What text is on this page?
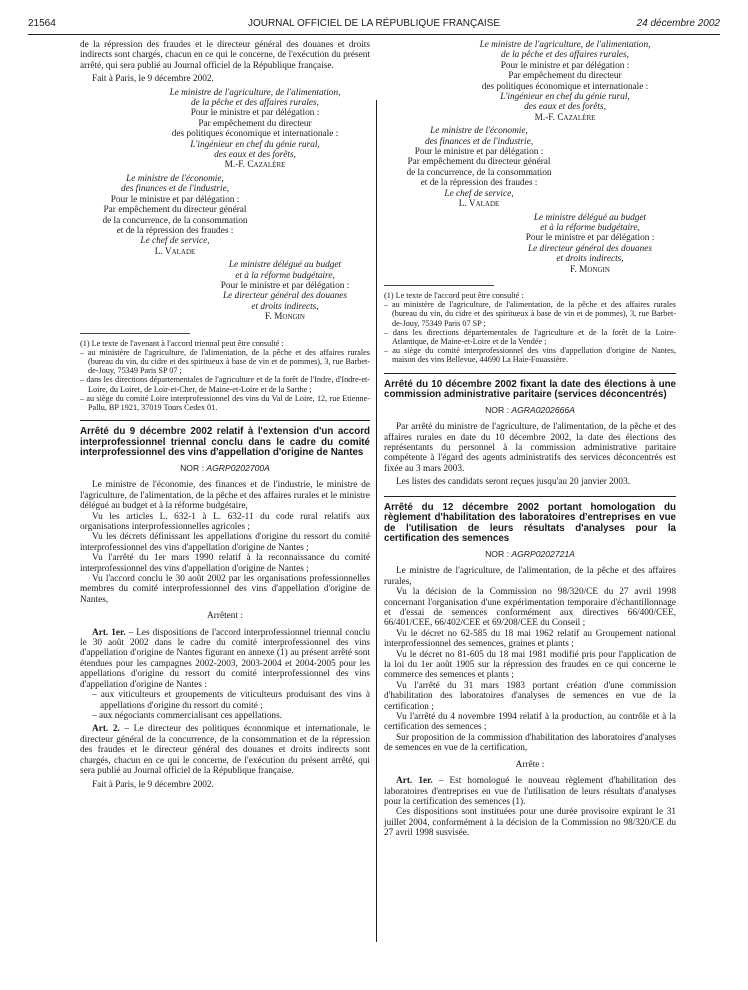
21564	JOURNAL OFFICIEL DE LA RÉPUBLIQUE FRANÇAISE	24 décembre 2002

de la répression des fraudes et le directeur général des douanes et droits indirects sont chargés, chacun en ce qui le concerne, de l'exécution du présent arrêté, qui sera publié au Journal officiel de la République française.

Fait à Paris, le 9 décembre 2002.

Le ministre de l'agriculture, de l'alimentation,
de la pêche et des affaires rurales,
Pour le ministre et par délégation :
Par empêchement du directeur
des politiques économique et internationale :
L'ingénieur en chef du génie rural,
des eaux et des forêts,
M.-F. Cazalère
Le ministre de l'économie,
des finances et de l'industrie,
Pour le ministre et par délégation :
Par empêchement du directeur général
de la concurrence, de la consommation
et de la répression des fraudes :
Le chef de service,
L. Valade
Le ministre délégué au budget
et à la réforme budgétaire,
Pour le ministre et par délégation :
Le directeur général des douanes
et droits indirects,
F. Mongin

(1) Le texte de l'avenant à l'accord triennal peut être consulté :

– au ministère de l'agriculture, de l'alimentation, de la pêche et des affaires rurales (bureau du vin, du cidre et des spiritueux à base de vin et de pommes), 3, rue Barbet-de-Jouy, 75349 Paris SP 07 ;

– dans les directions départementales de l'agriculture et de la forêt de l'Indre, d'Indre-et-Loire, du Loiret, de Loir-et-Cher, de Maine-et-Loire et de la Sarthe ;

– au siège du comité Loire interprofessionnel des vins du Val de Loire, 12, rue Etienne-Pallu, BP 1921, 37019 Tours Cedex 01.

Arrêté du 9 décembre 2002 relatif à l'extension d'un accord interprofessionnel triennal conclu dans le cadre du comité interprofessionnel des vins d'appellation d'origine de Nantes
NOR : AGRP0202700A

Le ministre de l'économie, des finances et de l'industrie, le ministre de l'agriculture, de l'alimentation, de la pêche et des affaires rurales et le ministre délégué au budget et à la réforme budgétaire,

Vu les articles L. 632-1 à L. 632-11 du code rural relatifs aux organisations interprofessionnelles agricoles ;

Vu les décrets définissant les appellations d'origine du ressort du comité interprofessionnel des vins d'appellation d'origine de Nantes ;

Vu l'arrêté du 1er mars 1990 relatif à la reconnaissance du comité interprofessionnel des vins d'appellation d'origine de Nantes ;

Vu l'accord conclu le 30 août 2002 par les organisations professionnelles membres du comité interprofessionnel des vins d'appellation d'origine de Nantes,

Arrêtent :

Art. 1er. – Les dispositions de l'accord interprofessionnel triennal conclu le 30 août 2002 dans le cadre du comité interprofessionnel des vins d'appellation d'origine de Nantes figurant en annexe (1) au présent arrêté sont étendues pour les campagnes 2002-2003, 2003-2004 et 2004-2005 pour les appellations d'origine du ressort du comité interprofessionnel des vins d'appellation d'origine de Nantes :

– aux viticulteurs et groupements de viticulteurs produisant des vins à appellations d'origine du ressort du comité ;

– aux négociants commercialisant ces appellations.

Art. 2. – Le directeur des politiques économique et internationale, le directeur général de la concurrence, de la consommation et de la répression des fraudes et le directeur général des douanes et droits indirects sont chargés, chacun en ce qui le concerne, de l'exécution du présent arrêté, qui sera publié au Journal officiel de la République française.

Fait à Paris, le 9 décembre 2002.

Le ministre de l'agriculture, de l'alimentation,
de la pêche et des affaires rurales,
Pour le ministre et par délégation :
Par empêchement du directeur
des politiques économique et internationale :
L'ingénieur en chef du génie rural,
des eaux et des forêts,
M.-F. Cazalère
Le ministre de l'économie,
des finances et de l'industrie,
Pour le ministre et par délégation :
Par empêchement du directeur général
de la concurrence, de la consommation
et de la répression des fraudes :
Le chef de service,
L. Valade
Le ministre délégué au budget
et à la réforme budgétaire,
Pour le ministre et par délégation :
Le directeur général des douanes
et droits indirects,
F. Mongin

(1) Le texte de l'accord peut être consulté :

– au ministère de l'agriculture, de l'alimentation, de la pêche et des affaires rurales (bureau du vin, du cidre et des spiritueux à base de vin et de pommes), 3, rue Barbet-de-Jouy, 75349 Paris 07 SP ;

– dans les directions départementales de l'agriculture et de la forêt de la Loire-Atlantique, de Maine-et-Loire et de la Vendée ;

– au siège du comité interprofessionnel des vins d'appellation d'origine de Nantes, maison des vins Bellevue, 44690 La Haie-Fouassière.

Arrêté du 10 décembre 2002 fixant la date des élections à une commission administrative paritaire (services déconcentrés)
NOR : AGRA0202666A

Par arrêté du ministre de l'agriculture, de l'alimentation, de la pêche et des affaires rurales en date du 10 décembre 2002, la date des élections des représentants du personnel à la commission administrative paritaire compétente à l'égard des agents administratifs des services déconcentrés est fixée au 3 mars 2003.

Les listes des candidats seront reçues jusqu'au 20 janvier 2003.

Arrêté du 12 décembre 2002 portant homologation du règlement d'habilitation des laboratoires d'entreprises en vue de l'utilisation de leurs résultats d'analyses pour la certification des semences
NOR : AGRP0202721A

Le ministre de l'agriculture, de l'alimentation, de la pêche et des affaires rurales,

Vu la décision de la Commission no 98/320/CE du 27 avril 1998 concernant l'organisation d'une expérimentation temporaire d'échantillonnage et d'essai de semences conformément aux directives 66/400/CEE, 66/401/CEE, 66/402/CEE et 69/208/CEE du Conseil ;

Vu le décret no 62-585 du 18 mai 1962 relatif au Groupement national interprofessionnel des semences, graines et plants ;

Vu le décret no 81-605 du 18 mai 1981 modifié pris pour l'application de la loi du 1er août 1905 sur la répression des fraudes en ce qui concerne le commerce des semences et plants ;

Vu l'arrêté du 31 mars 1983 portant création d'une commission d'habilitation des laboratoires d'analyses de semences en vue de la certification ;

Vu l'arrêté du 4 novembre 1994 relatif à la production, au contrôle et à la certification des semences ;

Sur proposition de la commission d'habilitation des laboratoires d'analyses de semences en vue de la certification,

Arrête :

Art. 1er. – Est homologué le nouveau règlement d'habilitation des laboratoires d'entreprises en vue de l'utilisation de leurs résultats d'analyses pour la certification des semences (1).

Ces dispositions sont instituées pour une durée provisoire expirant le 31 juillet 2004, conformément à la décision de la Commission no 98/320/CE du 27 avril 1998 susvisée.
